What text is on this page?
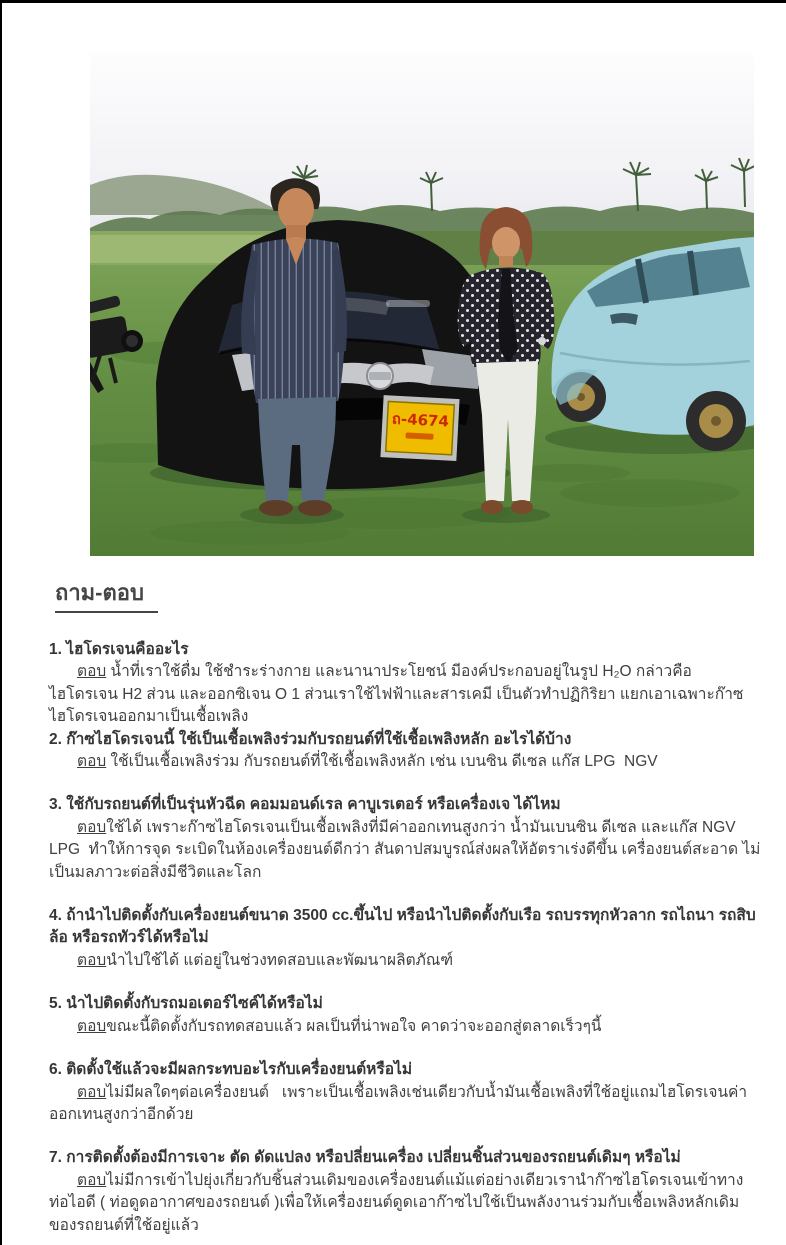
ถ-4674
ถาม-ตอบ
1. ไฮโดรเจนคืออะไร
ตอบ น้ำที่เราใช้ดื่ม ใช้ชำระร่างกาย และนานาประโยชน์ มีองค์ประกอบอยู่ในรูป H₂O กล่าวคือ ไฮโดรเจน H2 ส่วน และออกซิเจน O 1 ส่วนเราใช้ไฟฟ้าและสารเคมี เป็นตัวทำปฏิกิริยา แยกเอาเฉพาะก๊าซไฮโดรเจนออกมาเป็นเชื้อเพลิง
2. ก๊าซไฮโดรเจนนี้ ใช้เป็นเชื้อเพลิงร่วมกับรถยนต์ที่ใช้เชื้อเพลิงหลัก อะไรได้บ้าง
ตอบ ใช้เป็นเชื้อเพลิงร่วม กับรถยนต์ที่ใช้เชื้อเพลิงหลัก เช่น เบนซิน ดีเซล แก๊ส LPG  NGV
3. ใช้กับรถยนต์ที่เป็นรุ่นหัวฉีด คอมมอนด์เรล คาบูเรเตอร์ หรือเครื่องเจ ได้ไหม
ตอบใช้ได้ เพราะก๊าซไฮโดรเจนเป็นเชื้อเพลิงที่มีค่าออกเทนสูงกว่า น้ำมันเบนซิน ดีเซล และแก๊ส NGV  LPG  ทำให้การจุด ระเบิดในห้องเครื่องยนต์ดีกว่า สันดาปสมบูรณ์ส่งผลให้อัตราเร่งดีขึ้น เครื่องยนต์สะอาด ไม่เป็นมลภาวะต่อสิ่งมีชีวิตและโลก
4. ถ้านำไปติดตั้งกับเครื่องยนต์ขนาด 3500 cc.ขึ้นไป หรือนำไปติดตั้งกับเรือ รถบรรทุกหัวลาก รถไถนา รถสิบล้อ หรือรถทัวร์ได้หรือไม่
ตอบนำไปใช้ได้ แต่อยู่ในช่วงทดสอบและพัฒนาผลิตภัณฑ์
5. นำไปติดตั้งกับรถมอเตอร์ไซค์ได้หรือไม่
ตอบขณะนี้ติดตั้งกับรถทดสอบแล้ว ผลเป็นที่น่าพอใจ คาดว่าจะออกสู่ตลาดเร็วๆนี้
6. ติดตั้งใช้แล้วจะมีผลกระทบอะไรกับเครื่องยนต์หรือไม่
ตอบไม่มีผลใดๆต่อเครื่องยนต์   เพราะเป็นเชื้อเพลิงเช่นเดียวกับน้ำมันเชื้อเพลิงที่ใช้อยู่แถมไฮโดรเจนค่าออกเทนสูงกว่าอีกด้วย
7. การติดตั้งต้องมีการเจาะ ตัด ดัดแปลง หรือปลี่ยนเครื่อง เปลี่ยนชิ้นส่วนของรถยนต์เดิมๆ หรือไม่
ตอบไม่มีการเข้าไปยุ่งเกี่ยวกับชิ้นส่วนเดิมของเครื่องยนต์แม้แต่อย่างเดียวเรานำก๊าซไฮโดรเจนเข้าทางท่อไอดี ( ท่อดูดอากาศของรถยนต์ )เพื่อให้เครื่องยนต์ดูดเอาก๊าซไปใช้เป็นพลังงานร่วมกับเชื้อเพลิงหลักเดิมของรถยนต์ที่ใช้อยู่แล้ว
